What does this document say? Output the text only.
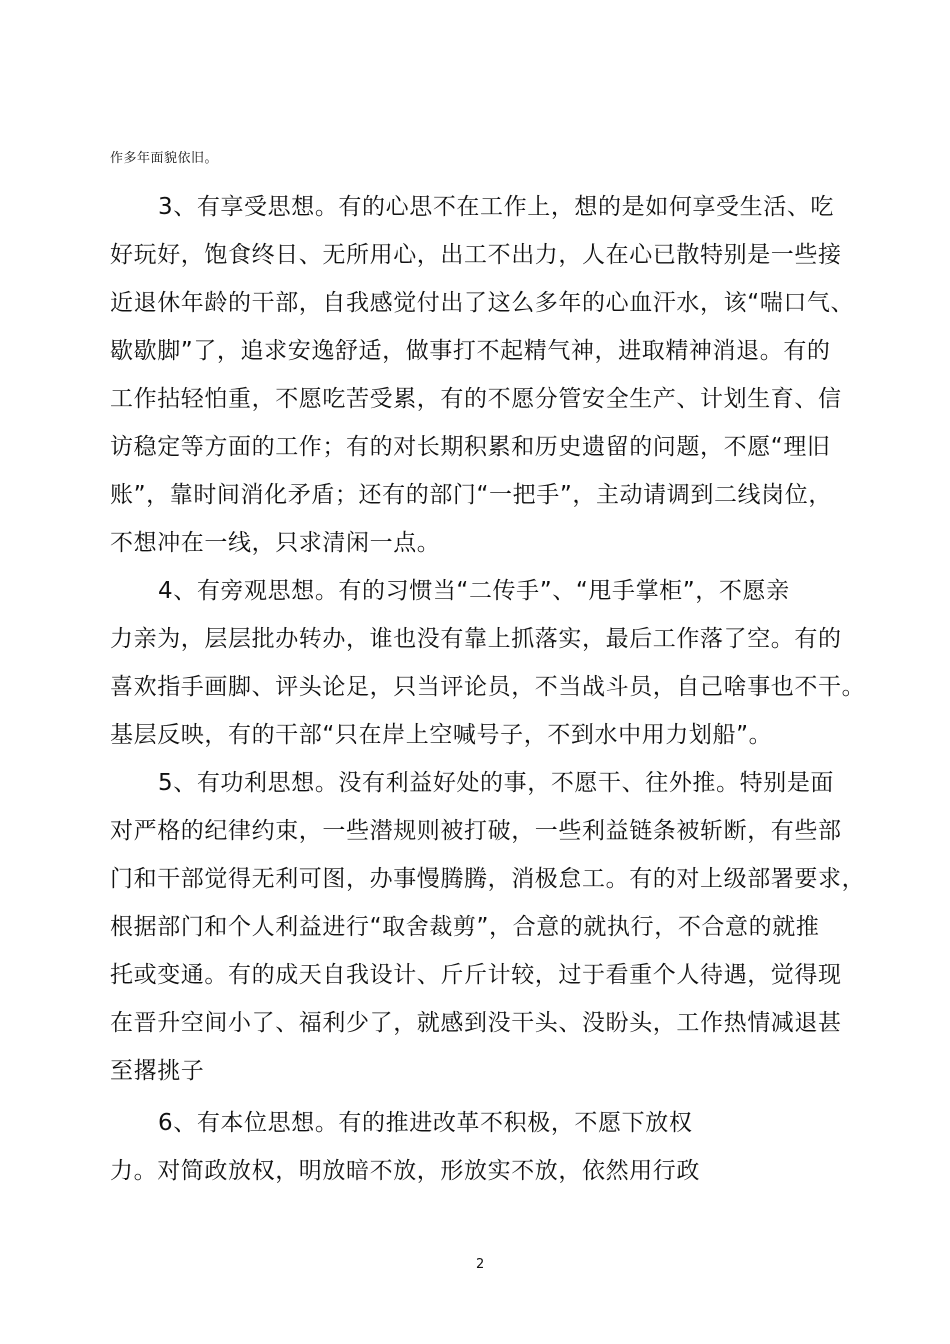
作多年面貌依旧。
3、有享受思想。有的心思不在工作上，想的是如何享受生活、吃
好玩好，饱食终日、无所用心，出工不出力，人在心已散特别是一些接
近退休年龄的干部，自我感觉付出了这么多年的心血汗水，该“喘口气、
歇歇脚”了，追求安逸舒适，做事打不起精气神，进取精神消退。有的
工作拈轻怕重，不愿吃苦受累，有的不愿分管安全生产、计划生育、信
访稳定等方面的工作；有的对长期积累和历史遗留的问题，不愿“理旧
账”，靠时间消化矛盾；还有的部门“一把手”，主动请调到二线岗位，
不想冲在一线，只求清闲一点。
4、有旁观思想。有的习惯当“二传手”、“甩手掌柜”，不愿亲
力亲为，层层批办转办，谁也没有靠上抓落实，最后工作落了空。有的
喜欢指手画脚、评头论足，只当评论员，不当战斗员，自己啥事也不干。
基层反映，有的干部“只在岸上空喊号子，不到水中用力划船”。
5、有功利思想。没有利益好处的事，不愿干、往外推。特别是面
对严格的纪律约束，一些潜规则被打破，一些利益链条被斩断，有些部
门和干部觉得无利可图，办事慢腾腾，消极怠工。有的对上级部署要求，
根据部门和个人利益进行“取舍裁剪”，合意的就执行，不合意的就推
托或变通。有的成天自我设计、斤斤计较，过于看重个人待遇，觉得现
在晋升空间小了、福利少了，就感到没干头、没盼头，工作热情减退甚
至撂挑子
6、有本位思想。有的推进改革不积极，不愿下放权
力。对简政放权，明放暗不放，形放实不放，依然用行政
2
